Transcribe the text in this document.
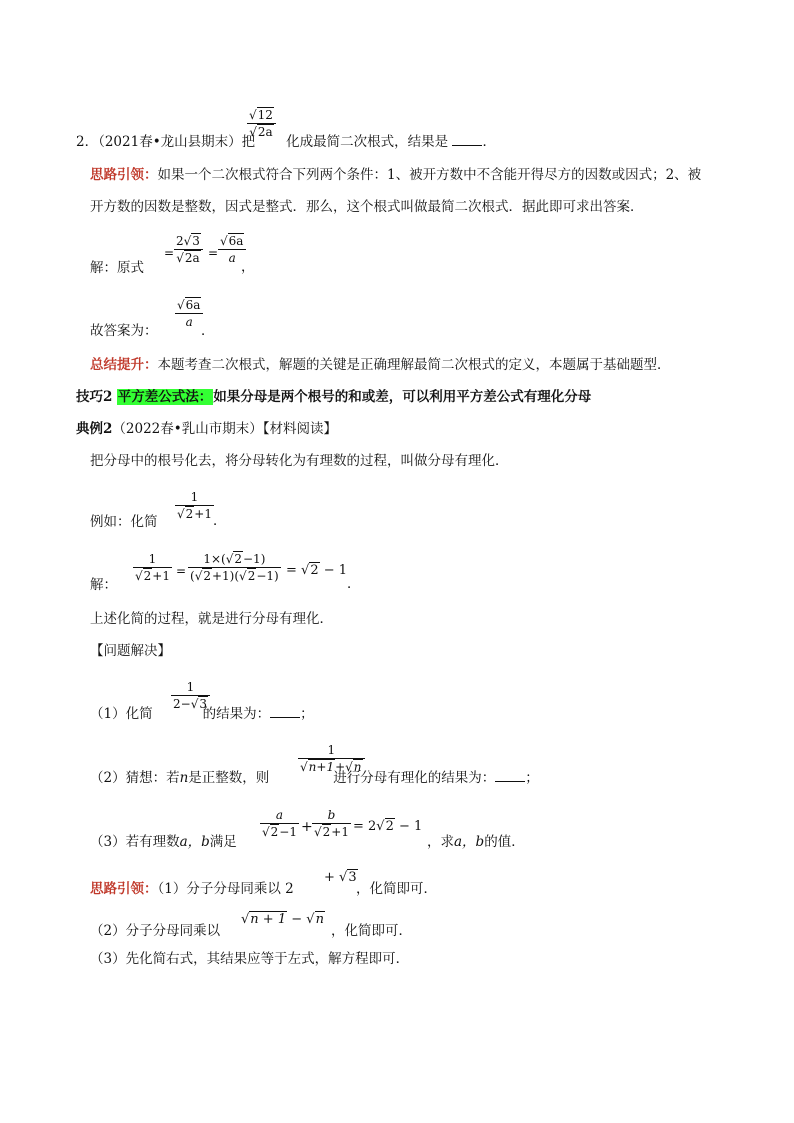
$\frac{√12}{√2a}$
2．（2021春•龙山县期末）把 化成最简二次根式，结果是	．
思路引领：如果一个二次根式符合下列两个条件：1、被开方数中不含能开得尽方的因数或因式；2、被
开方数的因数是整数，因式是整式．那么，这个根式叫做最简二次根式．据此即可求出答案．
解：原式
= $\frac{2√3}{√2a} = \frac{√6a}{a}$
，
$\frac{√6a}{a}$
故答案为：	．
总结提升：本题考查二次根式，解题的关键是正确理解最简二次根式的定义，本题属于基础题型．
技巧2 平方差公式法：如果分母是两个根号的和或差，可以利用平方差公式有理化分母
典例2（2022春•乳山市期末）【材料阅读】
把分母中的根号化去，将分母转化为有理数的过程，叫做分母有理化．
例如：化简
$\frac{1}{√2+1}$ ．
解：
$\frac{1}{√2+1} = \frac{1\times(√2-1)}{(√2+1)(√2-1)} = √2 - 1$
．
上述化简的过程，就是进行分母有理化．
【问题解决】
$\frac{1}{2-√3}$
（1）化简	的结果为： ；
$\frac{1}{√n+1+√n}$
（2）猜想：若n是正整数，则	进行分母有理化的结果为： ；
$\frac{a}{√2-1} + \frac{b}{√2+1} = 2√2 - 1$
（3）若有理数a，b满足	，求a，b的值．
思路引领：（1）分子分母同乘以 2
+ √3
，化简即可．
（2）分子分母同乘以
√n + 1 − √n
，化简即可．
（3）先化简右式，其结果应等于左式，解方程即可．
